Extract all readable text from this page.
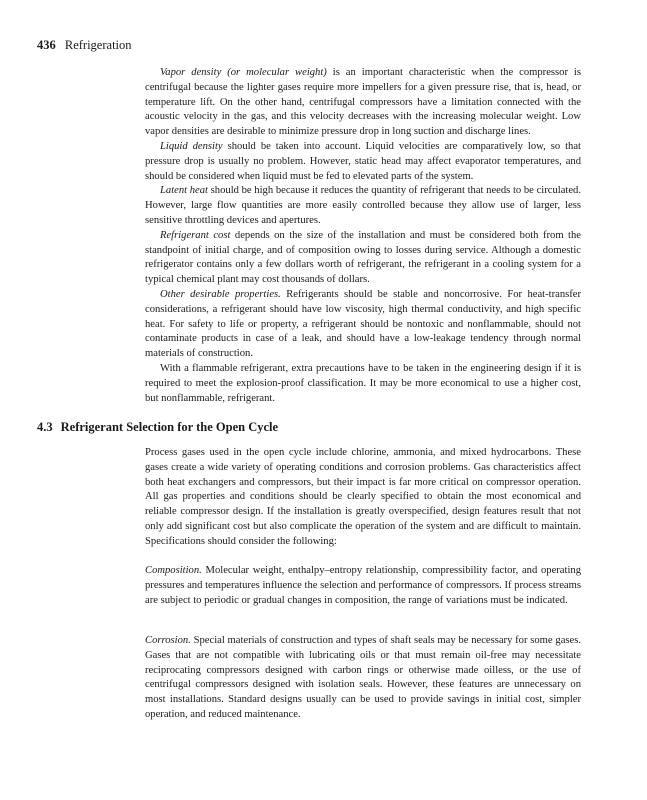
436 Refrigeration

Vapor density (or molecular weight) is an important characteristic when the compressor is centrifugal because the lighter gases require more impellers for a given pressure rise, that is, head, or temperature lift. On the other hand, centrifugal compressors have a limitation connected with the acoustic velocity in the gas, and this velocity decreases with the increasing molecular weight. Low vapor densities are desirable to minimize pressure drop in long suction and discharge lines.

Liquid density should be taken into account. Liquid velocities are comparatively low, so that pressure drop is usually no problem. However, static head may affect evaporator temperatures, and should be considered when liquid must be fed to elevated parts of the system.

Latent heat should be high because it reduces the quantity of refrigerant that needs to be circulated. However, large flow quantities are more easily controlled because they allow use of larger, less sensitive throttling devices and apertures.

Refrigerant cost depends on the size of the installation and must be considered both from the standpoint of initial charge, and of composition owing to losses during service. Although a domestic refrigerator contains only a few dollars worth of refrigerant, the refrigerant in a cooling system for a typical chemical plant may cost thousands of dollars.

Other desirable properties. Refrigerants should be stable and noncorrosive. For heat-transfer considerations, a refrigerant should have low viscosity, high thermal conductivity, and high specific heat. For safety to life or property, a refrigerant should be nontoxic and nonflammable, should not contaminate products in case of a leak, and should have a low-leakage tendency through normal materials of construction.

With a flammable refrigerant, extra precautions have to be taken in the engineering design if it is required to meet the explosion-proof classification. It may be more economical to use a higher cost, but nonflammable, refrigerant.

4.3 Refrigerant Selection for the Open Cycle

Process gases used in the open cycle include chlorine, ammonia, and mixed hydrocarbons. These gases create a wide variety of operating conditions and corrosion problems. Gas characteristics affect both heat exchangers and compressors, but their impact is far more critical on compressor operation. All gas properties and conditions should be clearly specified to obtain the most economical and reliable compressor design. If the installation is greatly overspecified, design features result that not only add significant cost but also complicate the operation of the system and are difficult to maintain. Specifications should consider the following:

Composition. Molecular weight, enthalpy–entropy relationship, compressibility factor, and operating pressures and temperatures influence the selection and performance of compressors. If process streams are subject to periodic or gradual changes in composition, the range of variations must be indicated.

Corrosion. Special materials of construction and types of shaft seals may be necessary for some gases. Gases that are not compatible with lubricating oils or that must remain oil-free may necessitate reciprocating compressors designed with carbon rings or otherwise made oilless, or the use of centrifugal compressors designed with isolation seals. However, these features are unnecessary on most installations. Standard designs usually can be used to provide savings in initial cost, simpler operation, and reduced maintenance.
